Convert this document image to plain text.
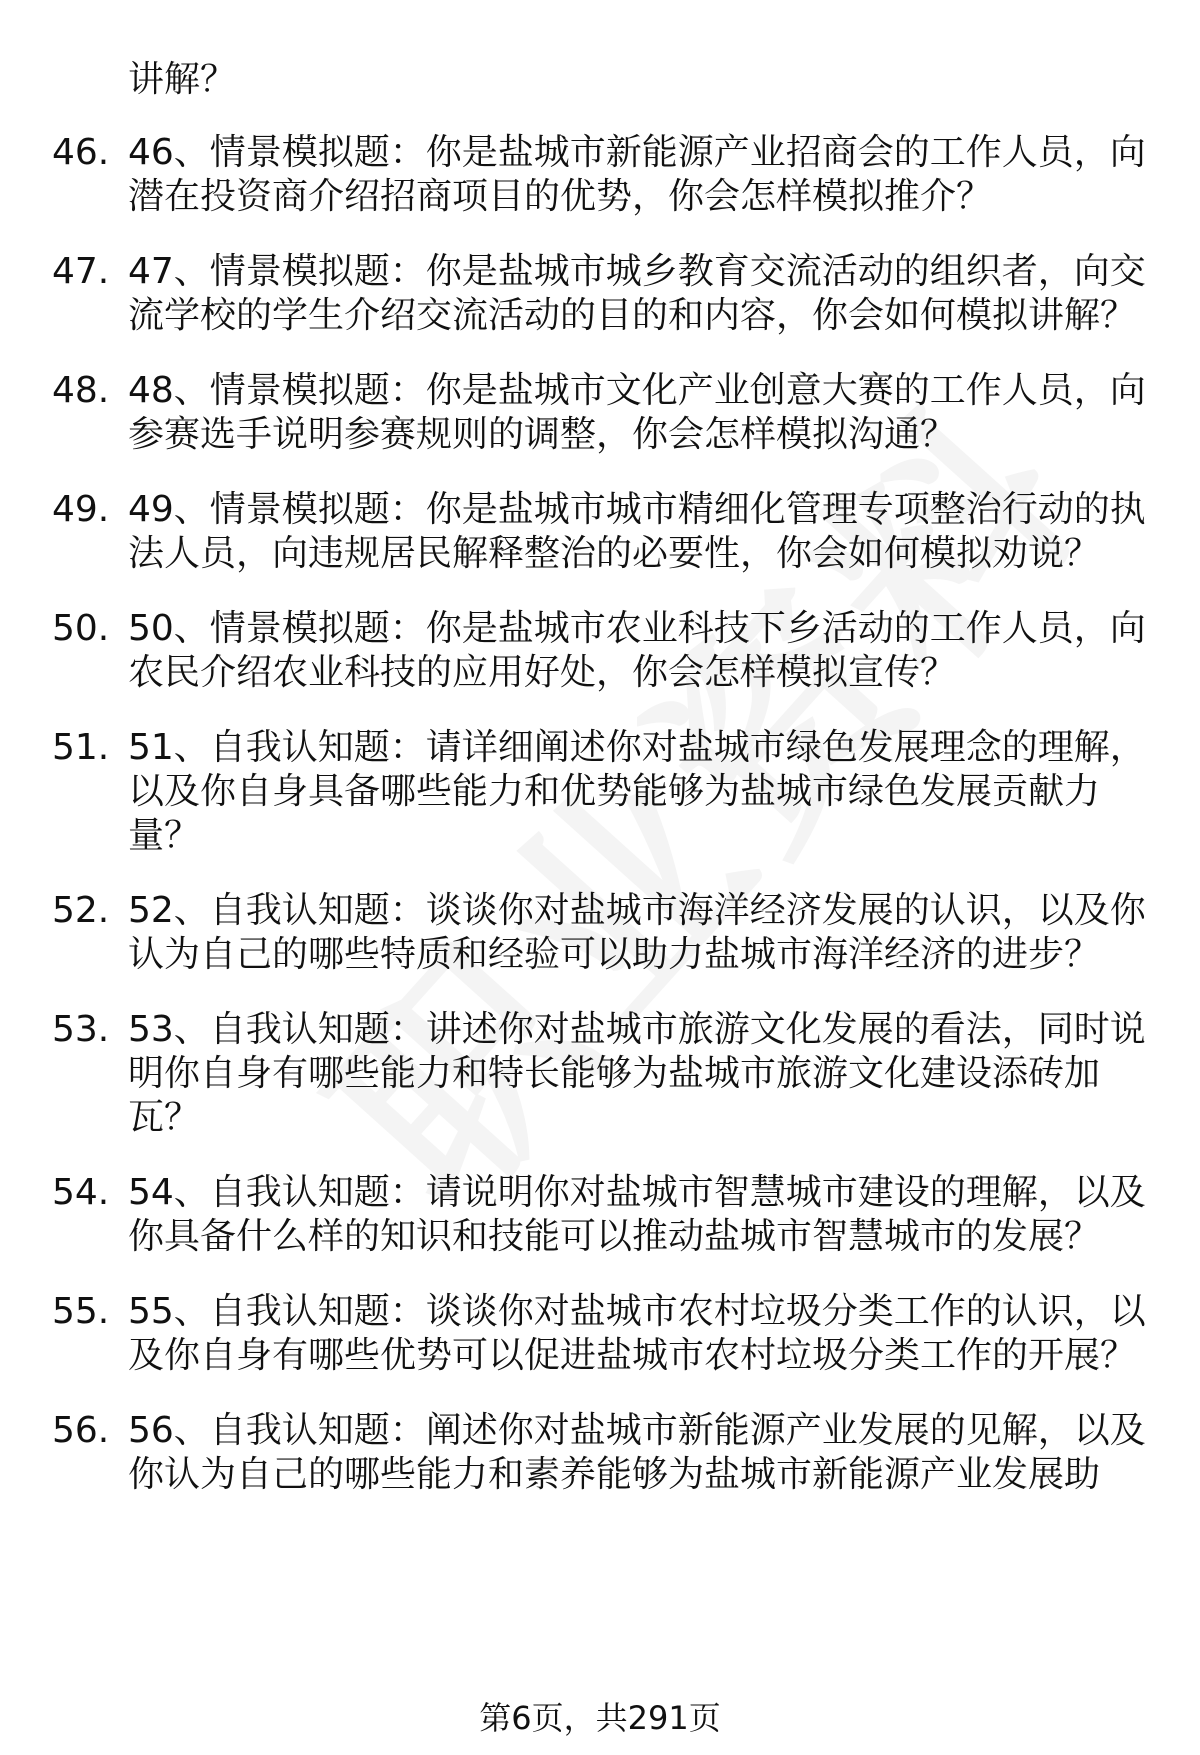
讲解？
46. 46、情景模拟题：你是盐城市新能源产业招商会的工作人员，向
潜在投资商介绍招商项目的优势，你会怎样模拟推介？
47. 47、情景模拟题：你是盐城市城乡教育交流活动的组织者，向交
流学校的学生介绍交流活动的目的和内容，你会如何模拟讲解？
48. 48、情景模拟题：你是盐城市文化产业创意大赛的工作人员，向
参赛选手说明参赛规则的调整，你会怎样模拟沟通？
49. 49、情景模拟题：你是盐城市城市精细化管理专项整治行动的执
法人员，向违规居民解释整治的必要性，你会如何模拟劝说？
50. 50、情景模拟题：你是盐城市农业科技下乡活动的工作人员，向
农民介绍农业科技的应用好处，你会怎样模拟宣传？
51. 51、自我认知题：请详细阐述你对盐城市绿色发展理念的理解，
以及你自身具备哪些能力和优势能够为盐城市绿色发展贡献力
量？
52. 52、自我认知题：谈谈你对盐城市海洋经济发展的认识，以及你
认为自己的哪些特质和经验可以助力盐城市海洋经济的进步？
53. 53、自我认知题：讲述你对盐城市旅游文化发展的看法，同时说
明你自身有哪些能力和特长能够为盐城市旅游文化建设添砖加
瓦？
54. 54、自我认知题：请说明你对盐城市智慧城市建设的理解，以及
你具备什么样的知识和技能可以推动盐城市智慧城市的发展？
55. 55、自我认知题：谈谈你对盐城市农村垃圾分类工作的认识，以
及你自身有哪些优势可以促进盐城市农村垃圾分类工作的开展？
56. 56、自我认知题：阐述你对盐城市新能源产业发展的见解，以及
你认为自己的哪些能力和素养能够为盐城市新能源产业发展助
第6页，共291页
